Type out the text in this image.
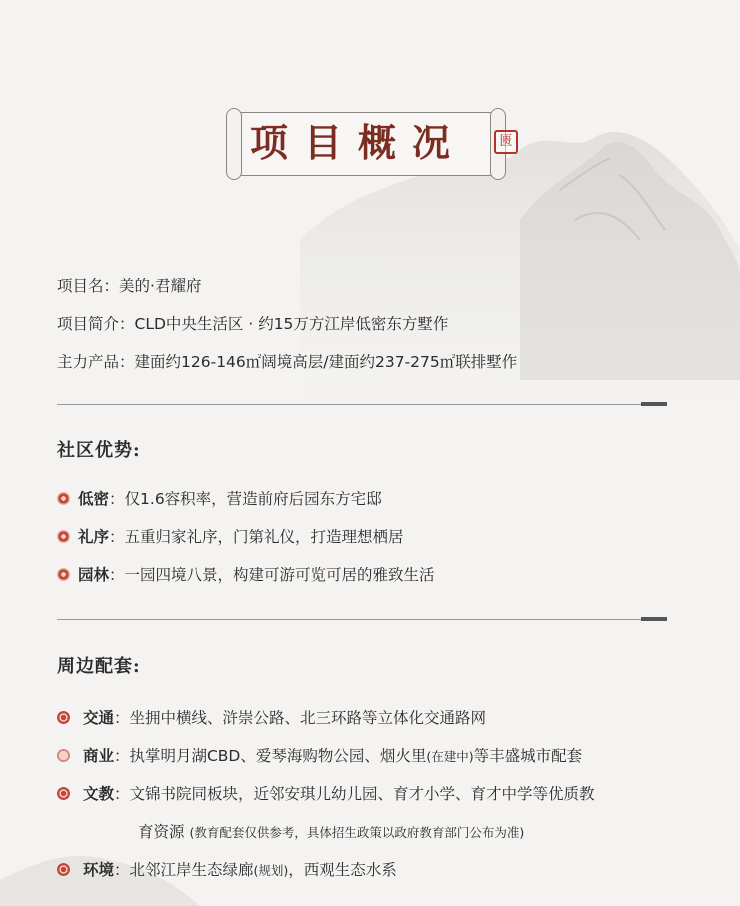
项目概况	匮
项目名：美的·君耀府
项目简介：CLD中央生活区 · 约15万方江岸低密东方墅作
主力产品：建面约126-146㎡阔境高层/建面约237-275㎡联排墅作
社区优势:
低密：仅1.6容积率，营造前府后园东方宅邸
礼序：五重归家礼序，门第礼仪，打造理想栖居
园林：一园四境八景，构建可游可览可居的雅致生活
周边配套:
交通：坐拥中横线、浒崇公路、北三环路等立体化交通路网
商业：执掌明月湖CBD、爱琴海购物公园、烟火里(在建中)等丰盛城市配套
文教：文锦书院同板块，近邻安琪儿幼儿园、育才小学、育才中学等优质教
育资源 (教育配套仅供参考，具体招生政策以政府教育部门公布为准)
环境：北邻江岸生态绿廊(规划)，西观生态水系
